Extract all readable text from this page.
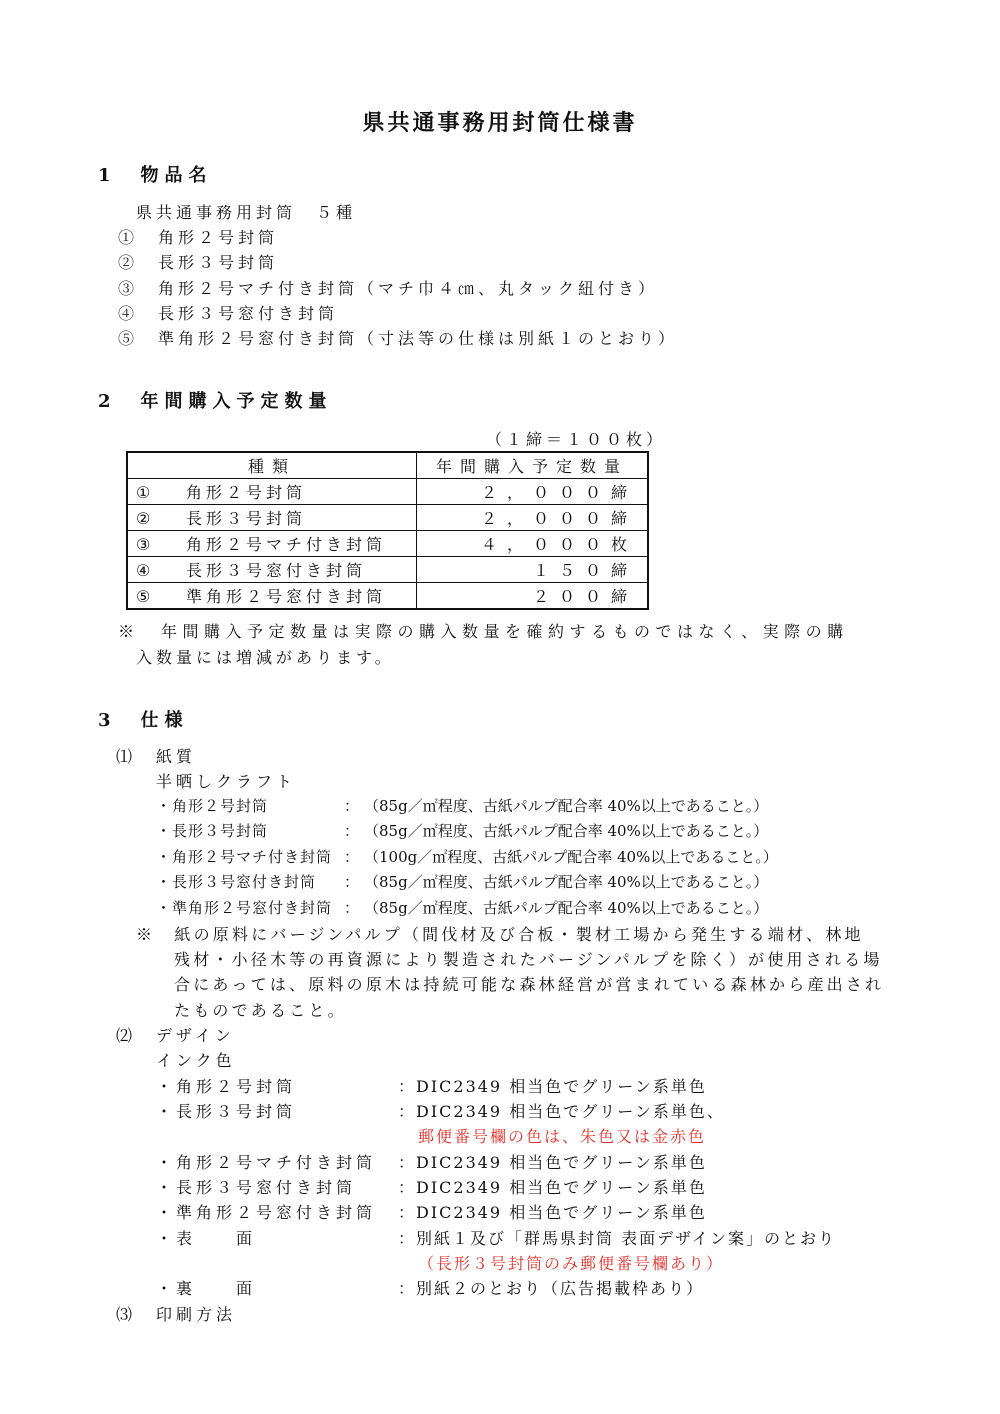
県共通事務用封筒仕様書
1　物品名
県共通事務用封筒　５種
①　角形２号封筒
②　長形３号封筒
③　角形２号マチ付き封筒（マチ巾４㎝、丸タック紐付き）
④　長形３号窓付き封筒
⑤　準角形２号窓付き封筒（寸法等の仕様は別紙１のとおり）
2　年間購入予定数量
（１締＝１００枚）
種類	年間購入予定数量
① 角形２号封筒	２，０００締
② 長形３号封筒	２，０００締
③ 角形２号マチ付き封筒	４，０００枚
④ 長形３号窓付き封筒	１５０締
⑤ 準角形２号窓付き封筒	２００締
※　年間購入予定数量は実際の購入数量を確約するものではなく、実際の購
入数量には増減があります。
3　仕様
⑴　紙質
半晒しクラフト
・角形２号封筒	： （85g／㎡程度、古紙パルプ配合率 40%以上であること。）
・長形３号封筒	： （85g／㎡程度、古紙パルプ配合率 40%以上であること。）
・角形２号マチ付き封筒 ： （100g／㎡程度、古紙パルプ配合率 40%以上であること。）
・長形３号窓付き封筒 ： （85g／㎡程度、古紙パルプ配合率 40%以上であること。）
・準角形２号窓付き封筒 ： （85g／㎡程度、古紙パルプ配合率 40%以上であること。）
※　紙の原料にバージンパルプ（間伐材及び合板・製材工場から発生する端材、林地
残材・小径木等の再資源により製造されたバージンパルプを除く）が使用される場
合にあっては、原料の原木は持続可能な森林経営が営まれている森林から産出され
たものであること。
⑵　デザイン
インク色
・角形２号封筒	：DIC2349 相当色でグリーン系単色
・長形３号封筒	：DIC2349 相当色でグリーン系単色、
郵便番号欄の色は、朱色又は金赤色
・角形２号マチ付き封筒 ：DIC2349 相当色でグリーン系単色
・長形３号窓付き封筒	：DIC2349 相当色でグリーン系単色
・準角形２号窓付き封筒 ：DIC2349 相当色でグリーン系単色
・表　　面	：別紙１及び「群馬県封筒 表面デザイン案」のとおり
（長形３号封筒のみ郵便番号欄あり）
・裏　　面	：別紙２のとおり（広告掲載枠あり）
⑶　印刷方法
